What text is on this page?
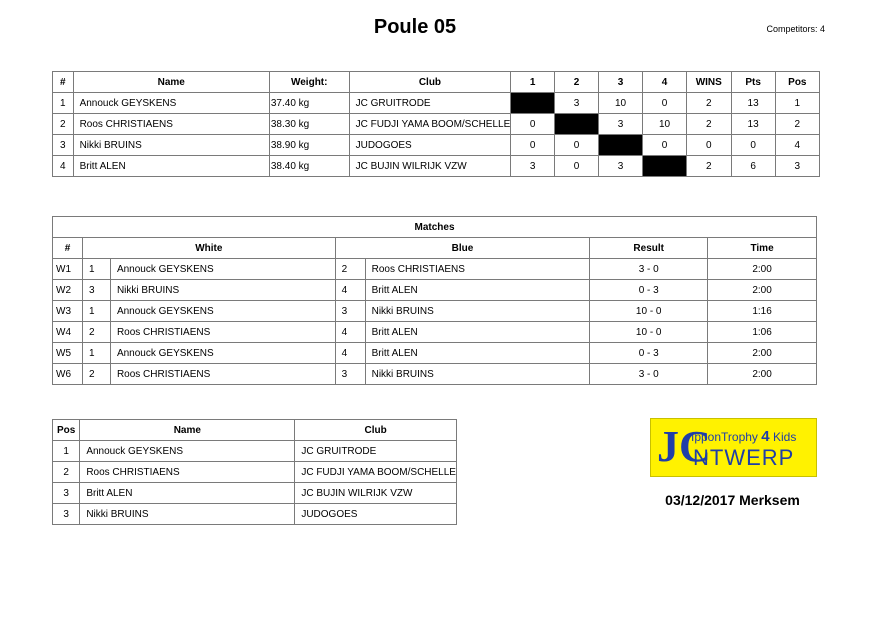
Poule 05	Competitors: 4
#	Name	Weight:	Club	1	2	3	4	WINS	Pts	Pos
1	Annouck GEYSKENS	37.40 kg	JC GRUITRODE		3	10	0	2	13	1
2	Roos CHRISTIAENS	38.30 kg	JC FUDJI YAMA BOOM/SCHELLE	0		3	10	2	13	2
3	Nikki BRUINS	38.90 kg	JUDOGOES	0	0		0	0	0	4
4	Britt ALEN	38.40 kg	JC BUJIN WILRIJK VZW	3	0	3		2	6	3
Matches						
#	White		Blue		Result	Time
W1	1	Annouck GEYSKENS	2	Roos CHRISTIAENS	3 - 0	2:00
W2	3	Nikki BRUINS	4	Britt ALEN	0 - 3	2:00
W3	1	Annouck GEYSKENS	3	Nikki BRUINS	10 - 0	1:16
W4	2	Roos CHRISTIAENS	4	Britt ALEN	10 - 0	1:06
W5	1	Annouck GEYSKENS	4	Britt ALEN	0 - 3	2:00
W6	2	Roos CHRISTIAENS	3	Nikki BRUINS	3 - 0	2:00
Pos	Name	Club
1	Annouck GEYSKENS	JC GRUITRODE
2	Roos CHRISTIAENS	JC FUDJI YAMA BOOM/SCHELLE
3	Britt ALEN	JC BUJIN WILRIJK VZW
3	Nikki BRUINS	JUDOGOES
JC
IpponTrophy 4 Kids
NTWERP
03/12/2017 Merksem
